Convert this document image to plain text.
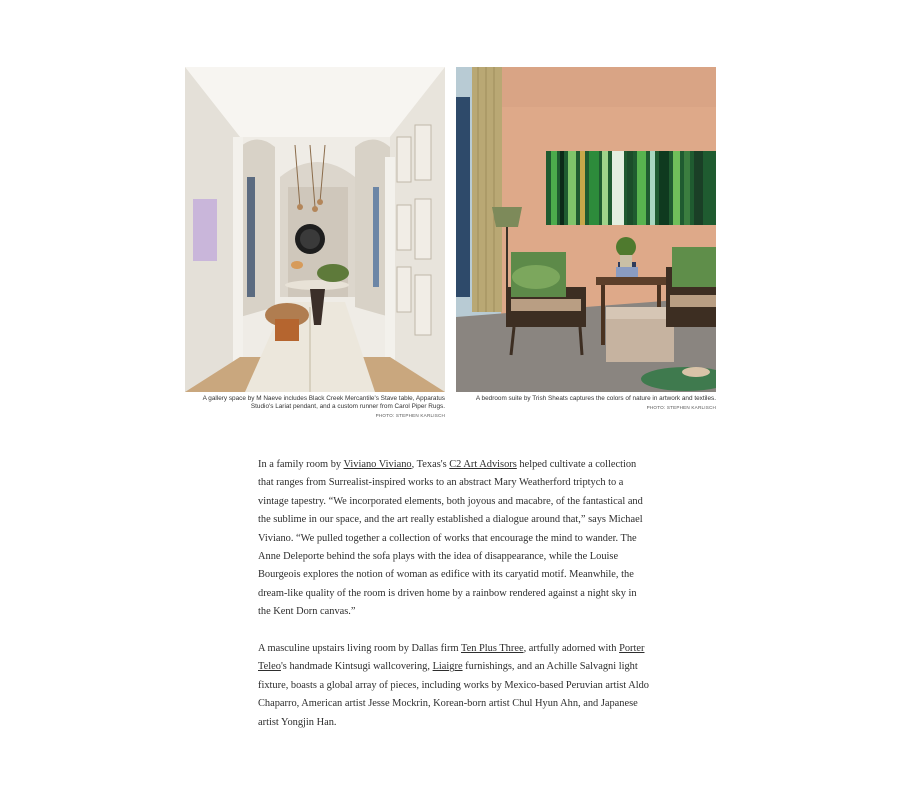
A gallery space by M Naeve includes Black Creek Mercantile's Stave table, Apparatus Studio's Lariat pendant, and a custom runner from Carol Piper Rugs.
PHOTO: STEPHEN KARLISCH
A bedroom suite by Trish Sheats captures the colors of nature in artwork and textiles.
PHOTO: STEPHEN KARLISCH

In a family room by Viviano Viviano, Texas's C2 Art Advisors helped cultivate a collection that ranges from Surrealist-inspired works to an abstract Mary Weatherford triptych to a vintage tapestry. “We incorporated elements, both joyous and macabre, of the fantastical and the sublime in our space, and the art really established a dialogue around that,” says Michael Viviano. “We pulled together a collection of works that encourage the mind to wander. The Anne Deleporte behind the sofa plays with the idea of disappearance, while the Louise Bourgeois explores the notion of woman as edifice with its caryatid motif. Meanwhile, the dream-like quality of the room is driven home by a rainbow rendered against a night sky in the Kent Dorn canvas.”

A masculine upstairs living room by Dallas firm Ten Plus Three, artfully adorned with Porter Teleo's handmade Kintsugi wallcovering, Liaigre furnishings, and an Achille Salvagni light fixture, boasts a global array of pieces, including works by Mexico-based Peruvian artist Aldo Chaparro, American artist Jesse Mockrin, Korean-born artist Chul Hyun Ahn, and Japanese artist Yongjin Han.
